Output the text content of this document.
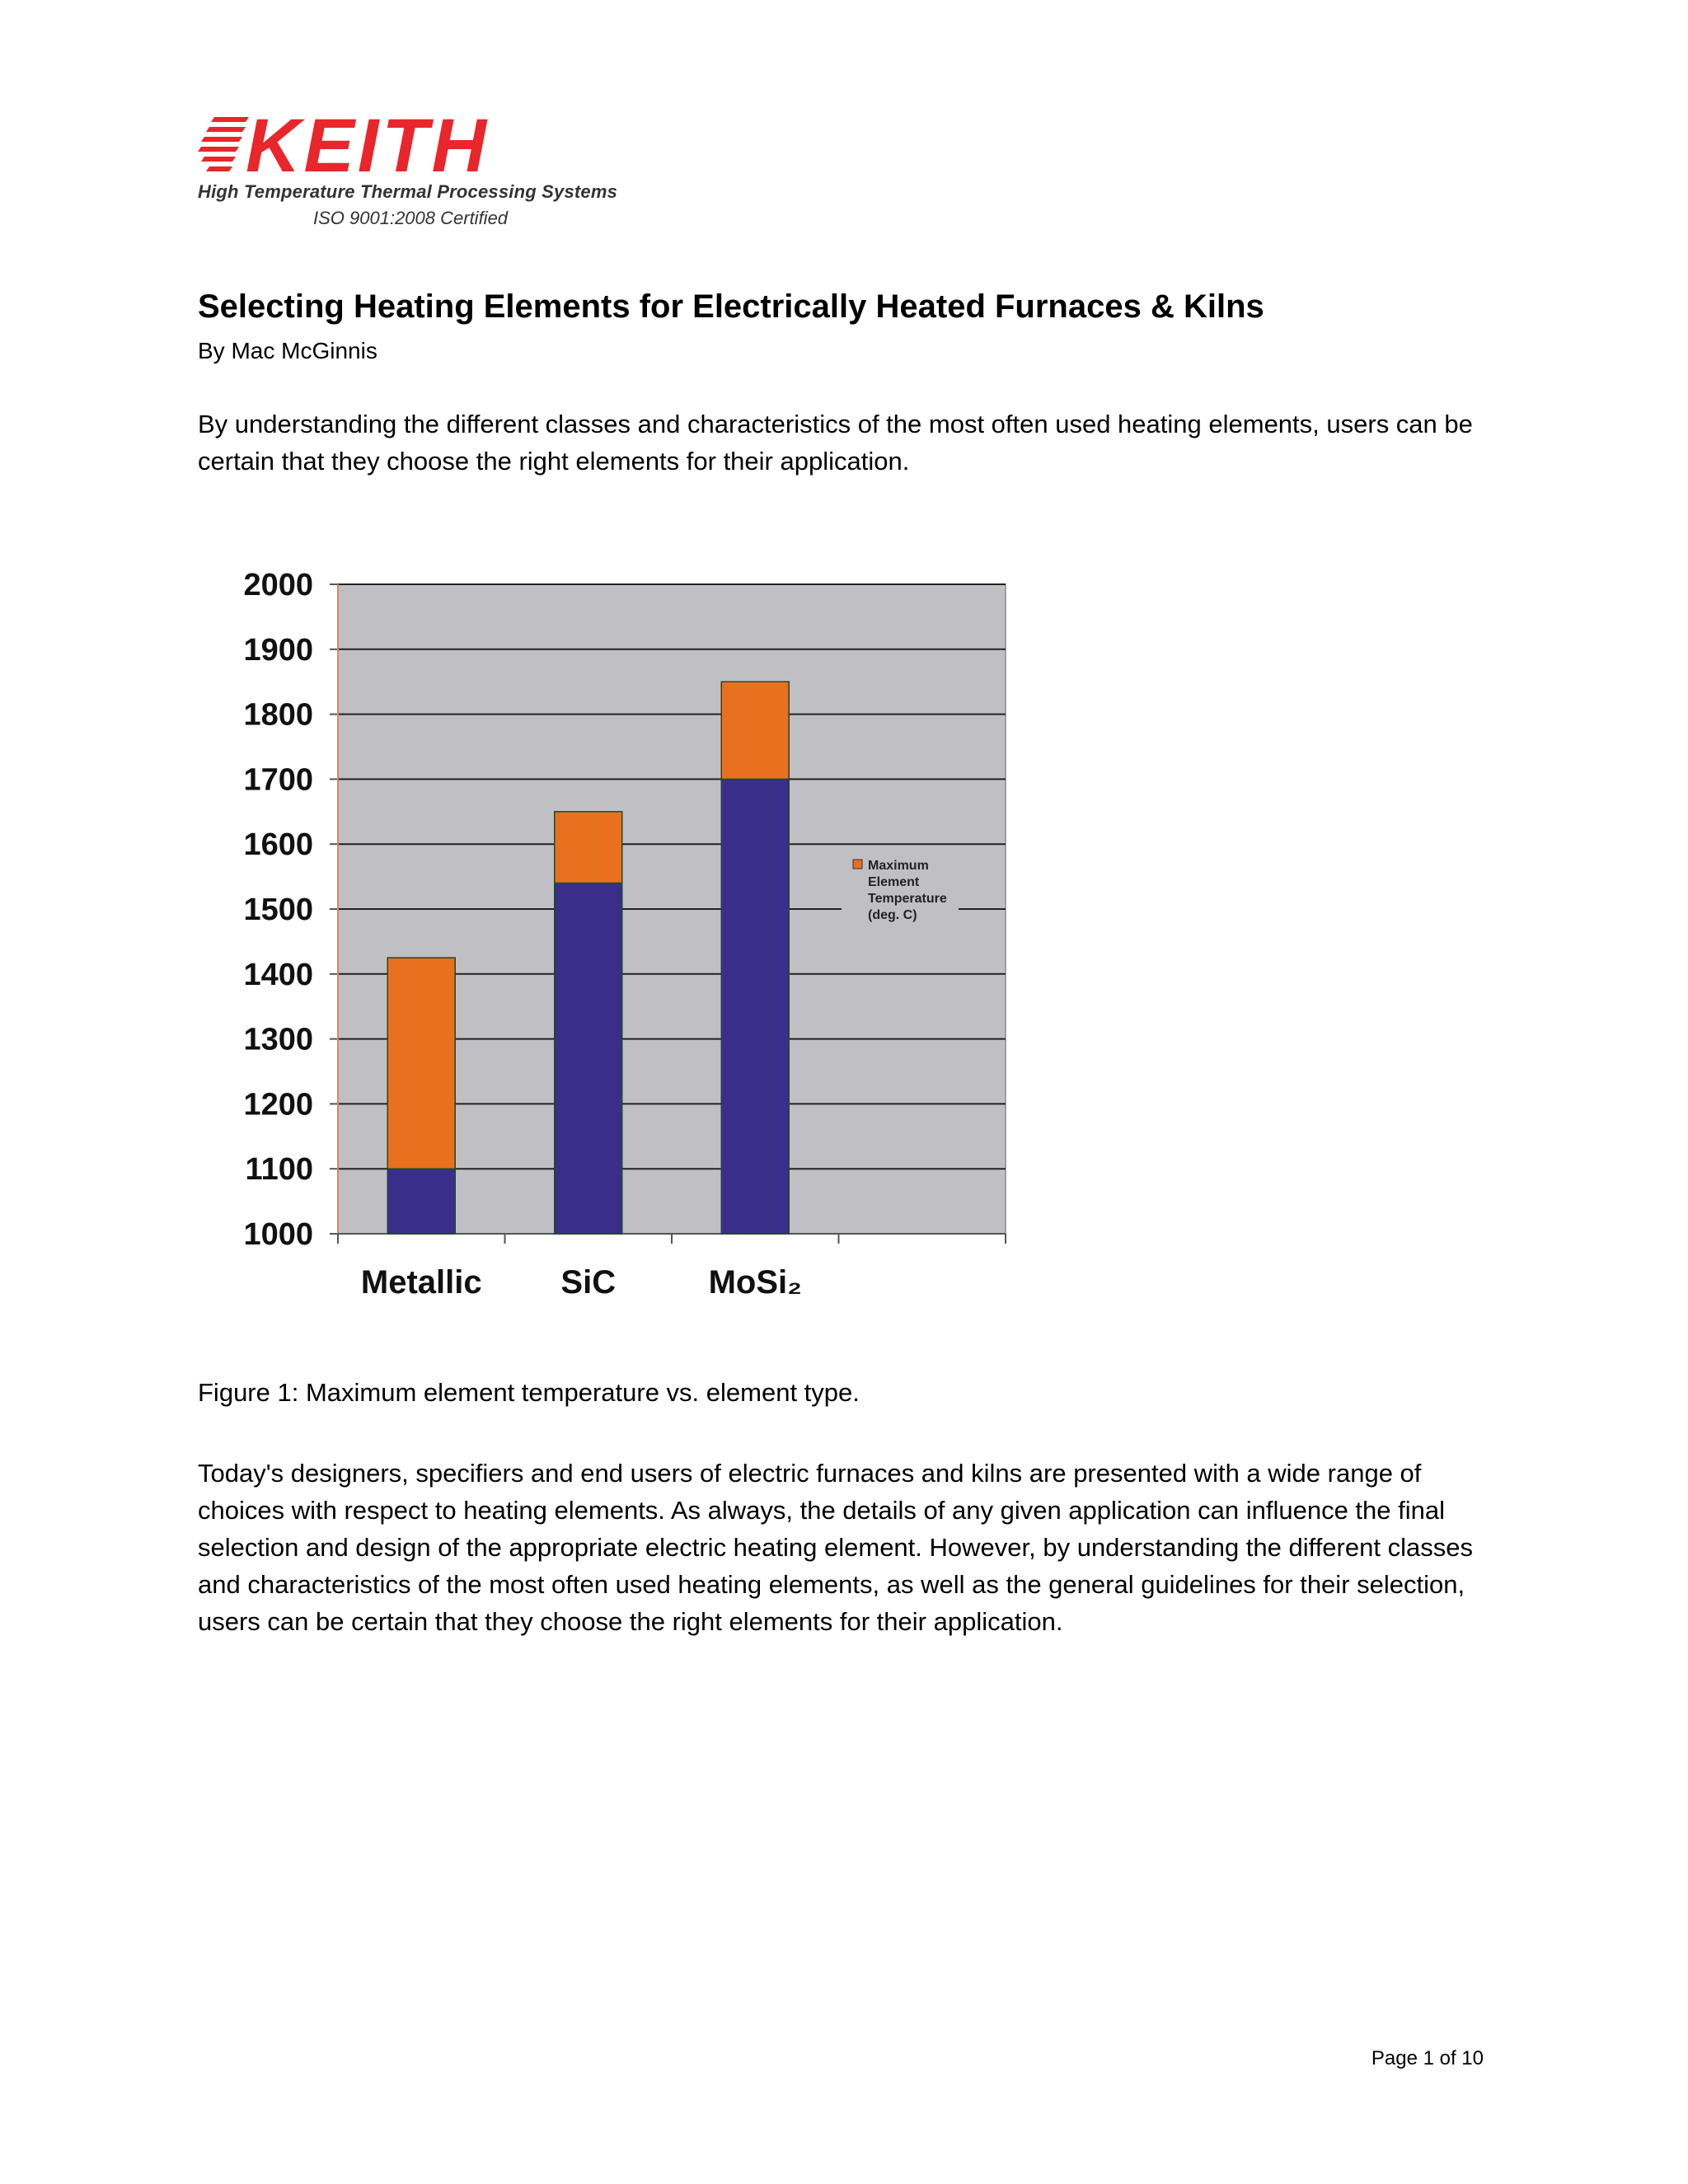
KEITH
High Temperature Thermal Processing Systems
ISO 9001:2008 Certified
Selecting Heating Elements for Electrically Heated Furnaces & Kilns
By Mac McGinnis
By understanding the different classes and characteristics of the most often used heating elements, users can be certain that they choose the right elements for their application.
1000
1100
1200
1300
1400
1500
1600
1700
1800
1900
2000
Metallic SiC	MoSi₂
Maximum
Element
Temperature
(deg. C)
Figure 1: Maximum element temperature vs. element type.
Today's designers, specifiers and end users of electric furnaces and kilns are presented with a wide range of choices with respect to heating elements. As always, the details of any given application can influence the final selection and design of the appropriate electric heating element. However, by understanding the different classes and characteristics of the most often used heating elements, as well as the general guidelines for their selection, users can be certain that they choose the right elements for their application.
Page 1 of 10
